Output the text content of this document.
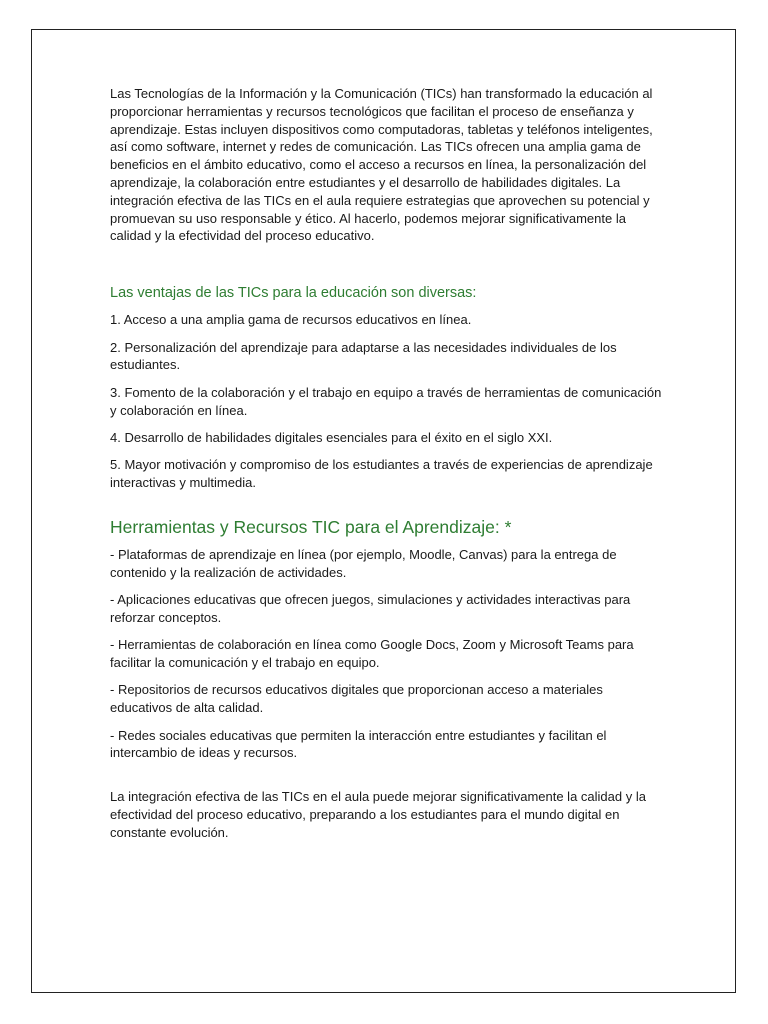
Las Tecnologías de la Información y la Comunicación (TICs) han transformado la educación al proporcionar herramientas y recursos tecnológicos que facilitan el proceso de enseñanza y aprendizaje. Estas incluyen dispositivos como computadoras, tabletas y teléfonos inteligentes, así como software, internet y redes de comunicación. Las TICs ofrecen una amplia gama de beneficios en el ámbito educativo, como el acceso a recursos en línea, la personalización del aprendizaje, la colaboración entre estudiantes y el desarrollo de habilidades digitales. La integración efectiva de las TICs en el aula requiere estrategias que aprovechen su potencial y promuevan su uso responsable y ético. Al hacerlo, podemos mejorar significativamente la calidad y la efectividad del proceso educativo.

Las ventajas de las TICs para la educación son diversas:

1. Acceso a una amplia gama de recursos educativos en línea.

2. Personalización del aprendizaje para adaptarse a las necesidades individuales de los estudiantes.

3. Fomento de la colaboración y el trabajo en equipo a través de herramientas de comunicación y colaboración en línea.

4. Desarrollo de habilidades digitales esenciales para el éxito en el siglo XXI.

5. Mayor motivación y compromiso de los estudiantes a través de experiencias de aprendizaje interactivas y multimedia.

Herramientas y Recursos TIC para el Aprendizaje: *

- Plataformas de aprendizaje en línea (por ejemplo, Moodle, Canvas) para la entrega de contenido y la realización de actividades.

- Aplicaciones educativas que ofrecen juegos, simulaciones y actividades interactivas para reforzar conceptos.

- Herramientas de colaboración en línea como Google Docs, Zoom y Microsoft Teams para facilitar la comunicación y el trabajo en equipo.

- Repositorios de recursos educativos digitales que proporcionan acceso a materiales educativos de alta calidad.

- Redes sociales educativas que permiten la interacción entre estudiantes y facilitan el intercambio de ideas y recursos.

La integración efectiva de las TICs en el aula puede mejorar significativamente la calidad y la efectividad del proceso educativo, preparando a los estudiantes para el mundo digital en constante evolución.
